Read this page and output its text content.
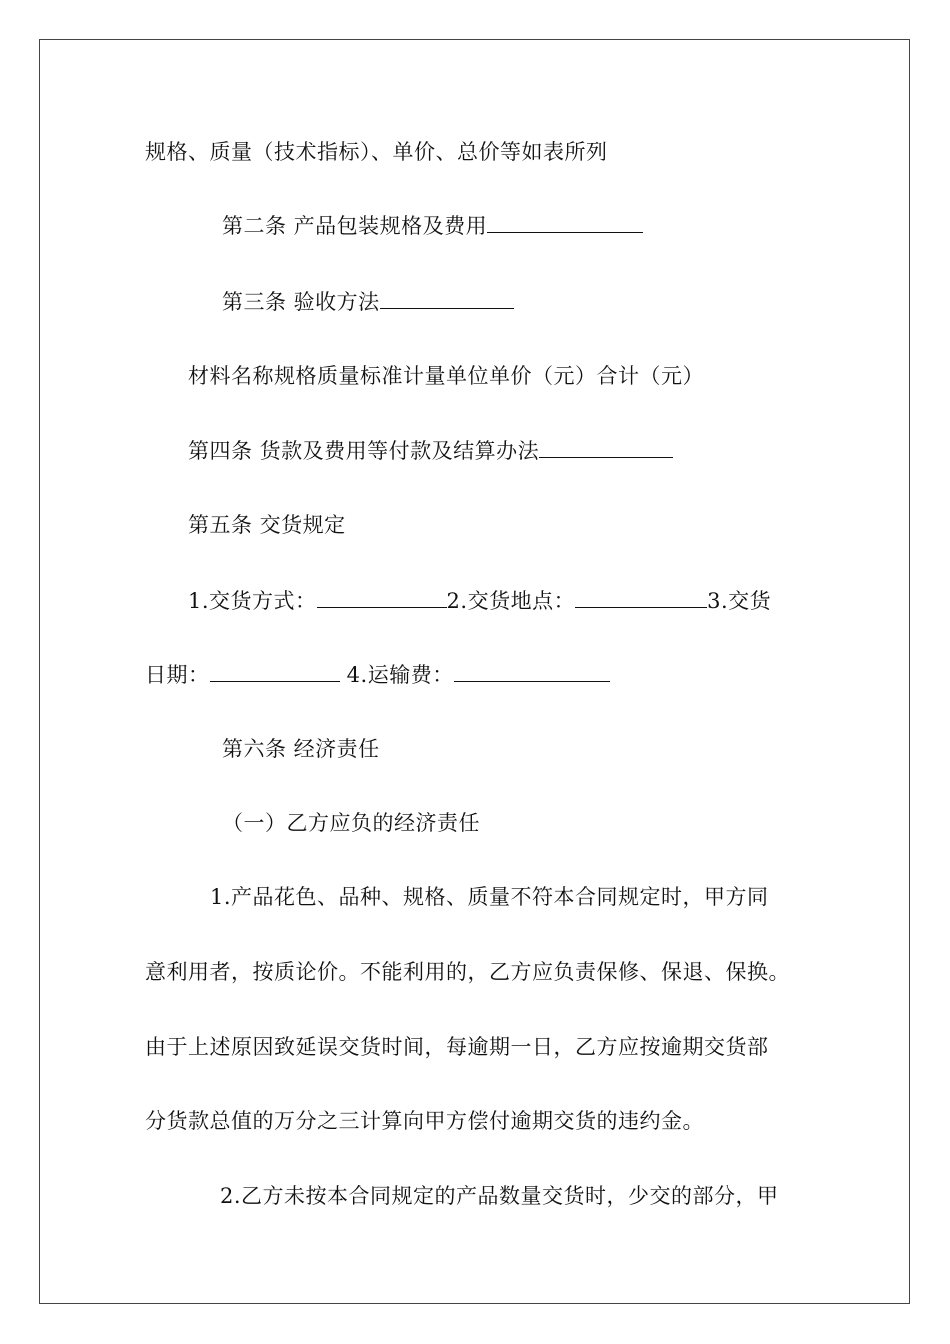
规格、质量（技术指标）、单价、总价等如表所列
第二条 产品包装规格及费用
第三条 验收方法
材料名称规格质量标准计量单位单价（元）合计（元）
第四条 货款及费用等付款及结算办法
第五条 交货规定
1.交货方式：	2.交货地点：	3.交货
日期：	4.运输费：
第六条 经济责任
（一）乙方应负的经济责任
1.产品花色、品种、规格、质量不符本合同规定时，甲方同
意利用者，按质论价。不能利用的，乙方应负责保修、保退、保换。
由于上述原因致延误交货时间，每逾期一日，乙方应按逾期交货部
分货款总值的万分之三计算向甲方偿付逾期交货的违约金。
2.乙方未按本合同规定的产品数量交货时，少交的部分，甲
